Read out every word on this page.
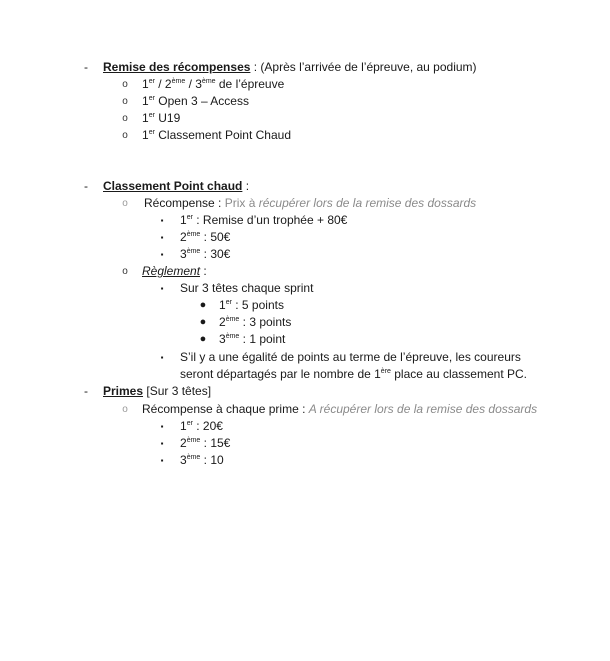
-	Remise des récompenses : (Après l’arrivée de l’épreuve, au podium)
o 1er / 2ème / 3ème de l’épreuve
o 1er Open 3 – Access
o 1er U19
o 1er Classement Point Chaud
-	Classement Point chaud :
o Récompense : Prix à récupérer lors de la remise des dossards
▪	1er : Remise d’un trophée + 80€
▪	2ème : 50€
▪	3ème : 30€
o Règlement :
▪	Sur 3 têtes chaque sprint
● 1er : 5 points
● 2ème : 3 points
● 3ème : 1 point
▪	S’il y a une égalité de points au terme de l’épreuve, les coureurs
seront départagés par le nombre de 1ère place au classement PC.
-	Primes [Sur 3 têtes]
o Récompense à chaque prime : A récupérer lors de la remise des dossards
▪	1er : 20€
▪	2ème : 15€
▪	3ème : 10
